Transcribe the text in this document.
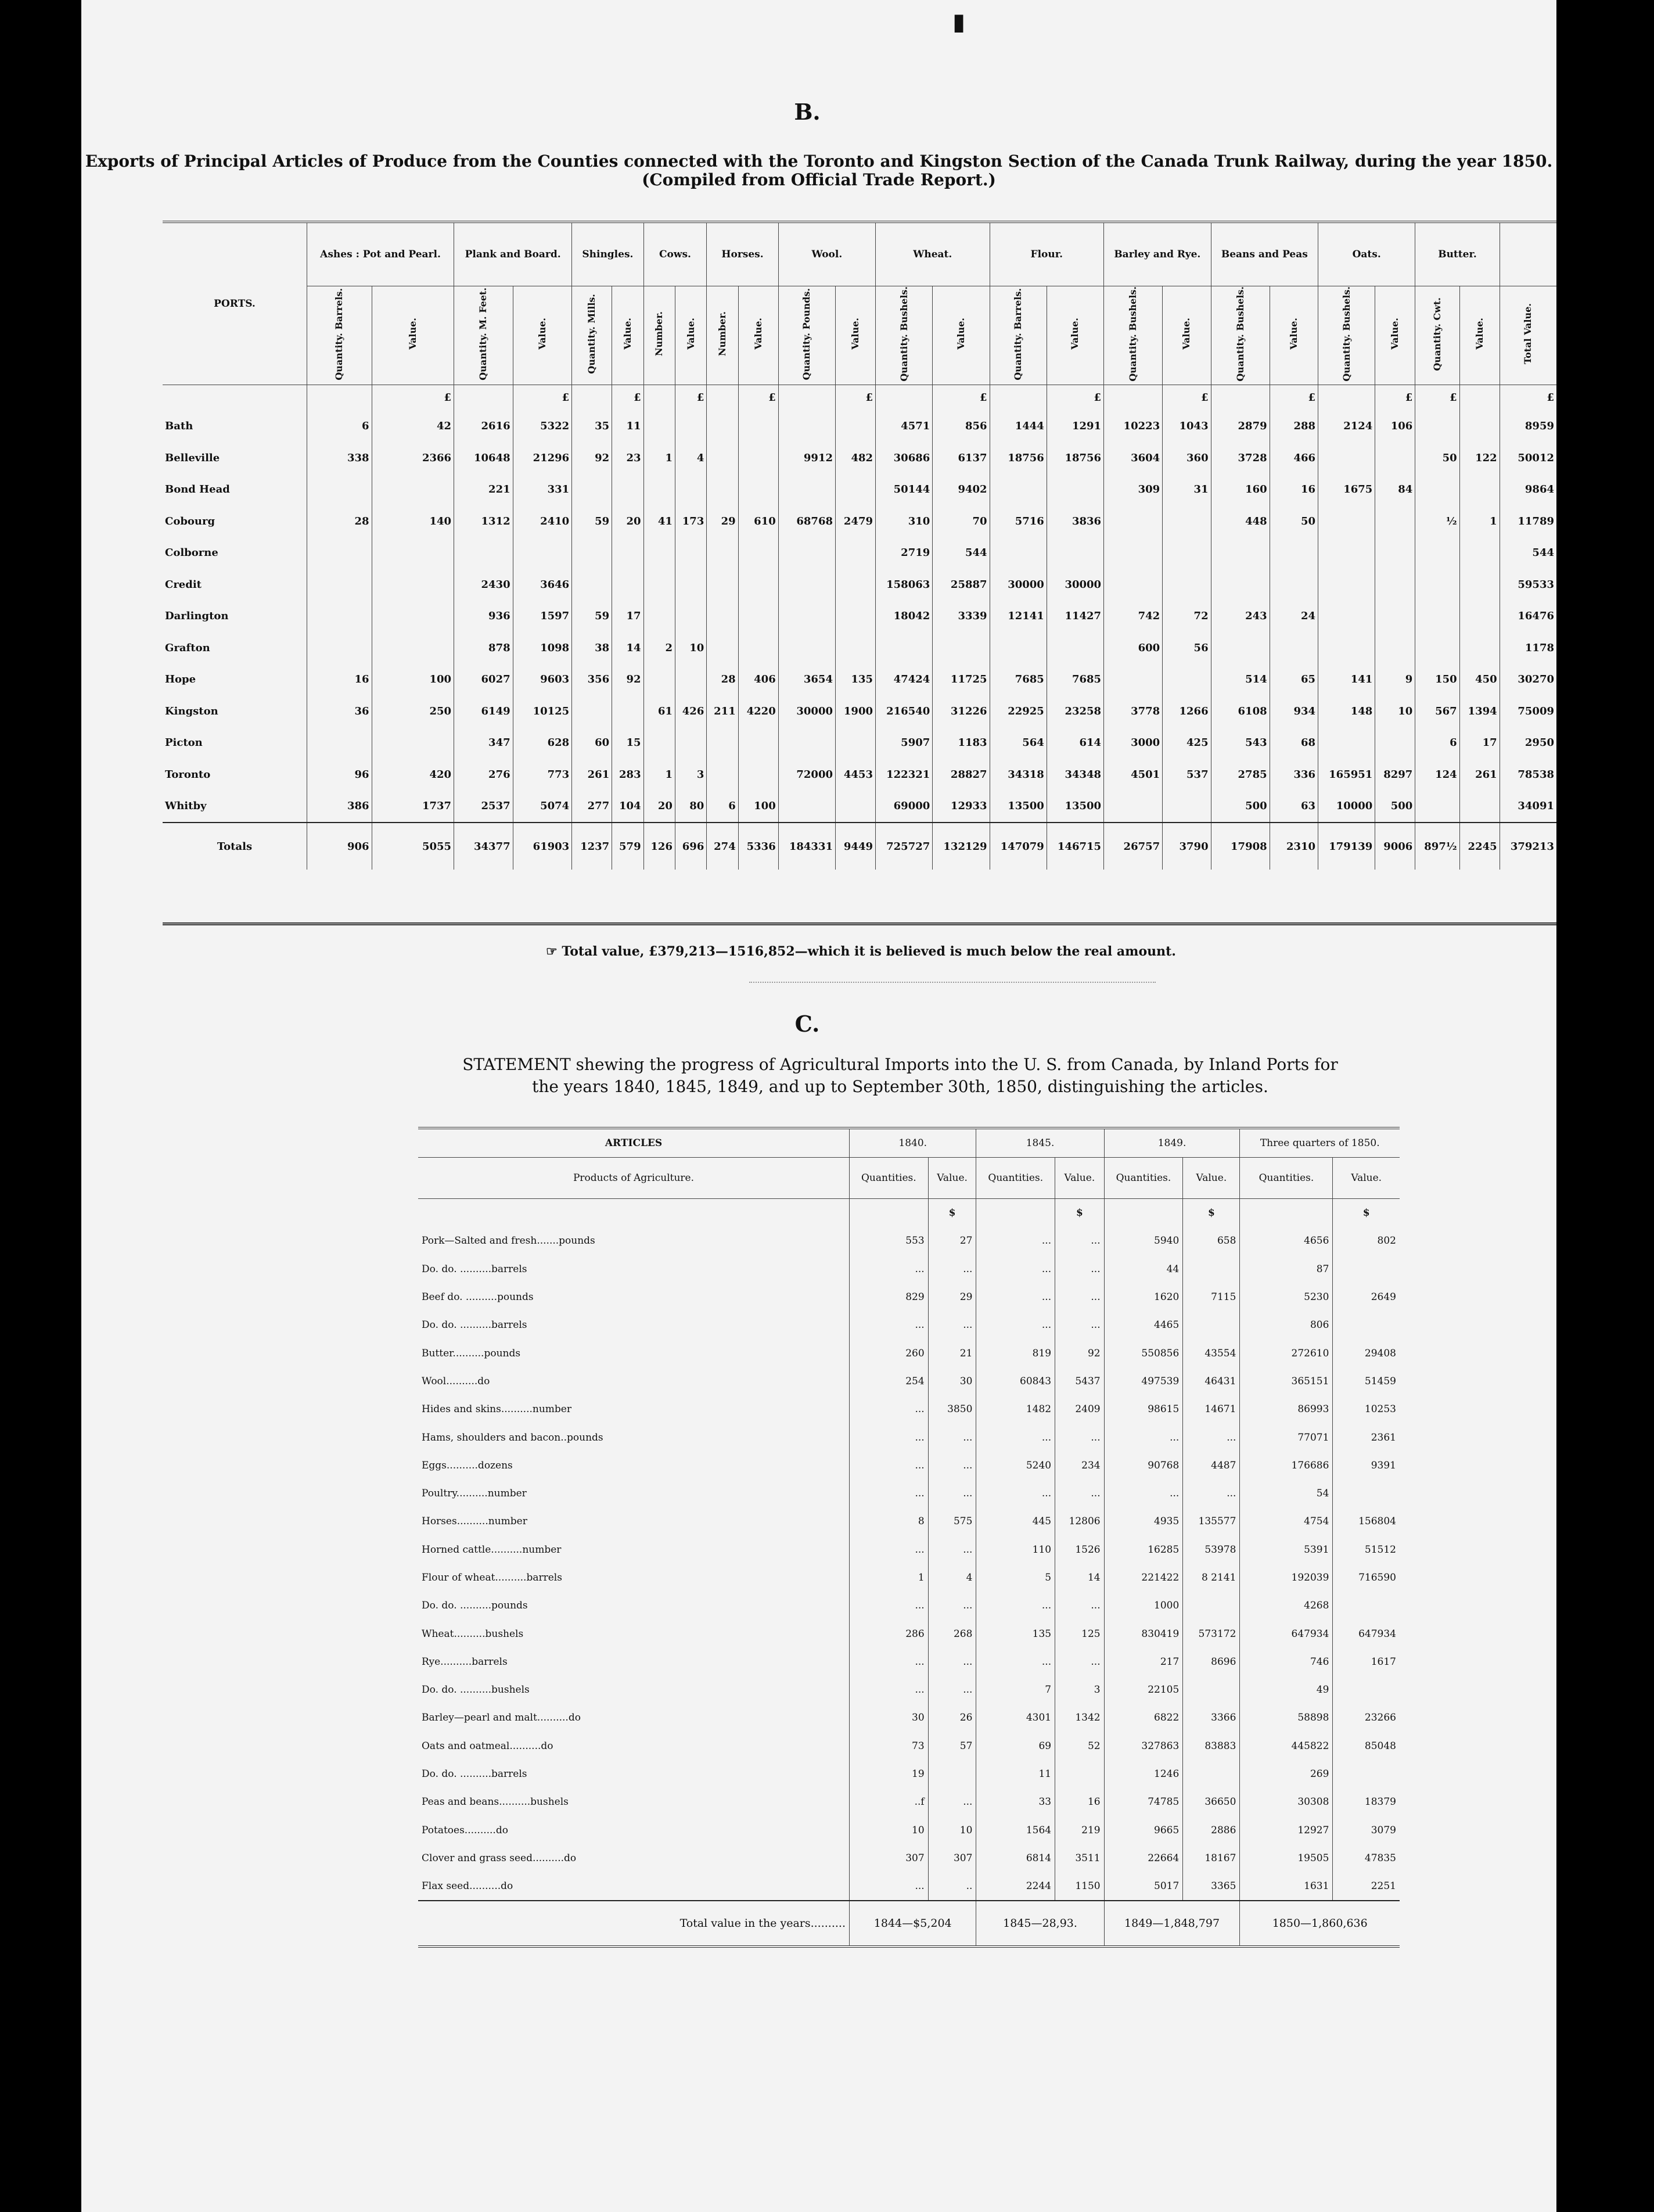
▮
B.

Exports of Principal Articles of Produce from the Counties connected with the Toronto and Kingston Section of the Canada Trunk Railway, during the year 1850.

(Compiled from Official Trade Report.)

PORTS.	Ashes : Pot and Pearl.		Plank and Board.		Shingles.		Cows.		Horses.		Wool.		Wheat.		Flour.		Barley and Rye.		Beans and Peas		Oats.		Butter.		
	Quantity. Barrels.	Value.	Quantity. M. Feet.	Value.	Quantity. Mills.	Value.	Number.	Value.	Number.	Value.	Quantity. Pounds.	Value.	Quantity. Bushels.	Value.	Quantity. Barrels.	Value.	Quantity. Bushels.	Value.	Quantity. Bushels.	Value.	Quantity. Bushels.	Value.	Quantity. Cwt.	Value.	Total Value.
		£		£		£		£		£		£		£		£		£		£		£	£		£
Bath	6	42	2616	5322	35	11							4571	856	1444	1291	10223	1043	2879	288	2124	106			8959
Belleville	338	2366	10648	21296	92	23	1	4			9912	482	30686	6137	18756	18756	3604	360	3728	466			50	122	50012
Bond Head			221	331									50144	9402			309	31	160	16	1675	84			9864
Cobourg	28	140	1312	2410	59	20	41	173	29	610	68768	2479	310	70	5716	3836			448	50			½	1	11789
Colborne													2719	544											544
Credit			2430	3646									158063	25887	30000	30000									59533
Darlington			936	1597	59	17							18042	3339	12141	11427	742	72	243	24					16476
Grafton			878	1098	38	14	2	10									600	56							1178
Hope	16	100	6027	9603	356	92			28	406	3654	135	47424	11725	7685	7685			514	65	141	9	150	450	30270
Kingston	36	250	6149	10125			61	426	211	4220	30000	1900	216540	31226	22925	23258	3778	1266	6108	934	148	10	567	1394	75009
Picton			347	628	60	15							5907	1183	564	614	3000	425	543	68			6	17	2950
Toronto	96	420	276	773	261	283	1	3			72000	4453	122321	28827	34318	34348	4501	537	2785	336	165951	8297	124	261	78538
Whitby	386	1737	2537	5074	277	104	20	80	6	100			69000	12933	13500	13500			500	63	10000	500			34091
Totals	906	5055	34377	61903	1237	579	126	696	274	5336	184331	9449	725727	132129	147079	146715	26757	3790	17908	2310	179139	9006	897½	2245	379213
☞ Total value, £379,213—1516,852—which it is believed is much below the real amount.
C.

STATEMENT shewing the progress of Agricultural Imports into the U. S. from Canada, by Inland Ports for

the years 1840, 1845, 1849, and up to September 30th, 1850, distinguishing the articles.

ARTICLES	1840.		1845.		1849.		Three quarters of 1850.	
Products of Agriculture.	Quantities.	Value.	Quantities.	Value.	Quantities.	Value.	Quantities.	Value.
		$		$		$		$
Pork—Salted and fresh.......pounds	553	27	...	...	5940	658	4656	802
Do. do. ..........barrels	...	...	...	...	44		87	
Beef do. ..........pounds	829	29	...	...	1620	7115	5230	2649
Do. do. ..........barrels	...	...	...	...	4465		806	
Butter..........pounds	260	21	819	92	550856	43554	272610	29408
Wool..........do	254	30	60843	5437	497539	46431	365151	51459
Hides and skins..........number	...	3850	1482	2409	98615	14671	86993	10253
Hams, shoulders and bacon..pounds	...	...	...	...	...	...	77071	2361
Eggs..........dozens	...	...	5240	234	90768	4487	176686	9391
Poultry..........number	...	...	...	...	...	...	54	
Horses..........number	8	575	445	12806	4935	135577	4754	156804
Horned cattle..........number	...	...	110	1526	16285	53978	5391	51512
Flour of wheat..........barrels	1	4	5	14	221422	8 2141	192039	716590
Do. do. ..........pounds	...	...	...	...	1000		4268	
Wheat..........bushels	286	268	135	125	830419	573172	647934	647934
Rye..........barrels	...	...	...	...	217	8696	746	1617
Do. do. ..........bushels	...	...	7	3	22105		49	
Barley—pearl and malt..........do	30	26	4301	1342	6822	3366	58898	23266
Oats and oatmeal..........do	73	57	69	52	327863	83883	445822	85048
Do. do. ..........barrels	19		11		1246		269	
Peas and beans..........bushels	..f	...	33	16	74785	36650	30308	18379
Potatoes..........do	10	10	1564	219	9665	2886	12927	3079
Clover and grass seed..........do	307	307	6814	3511	22664	18167	19505	47835
Flax seed..........do	...	..	2244	1150	5017	3365	1631	2251
Total value in the years..........	1844—$5,204		1845—28,93.		1849—1,848,797		1850—1,860,636	
